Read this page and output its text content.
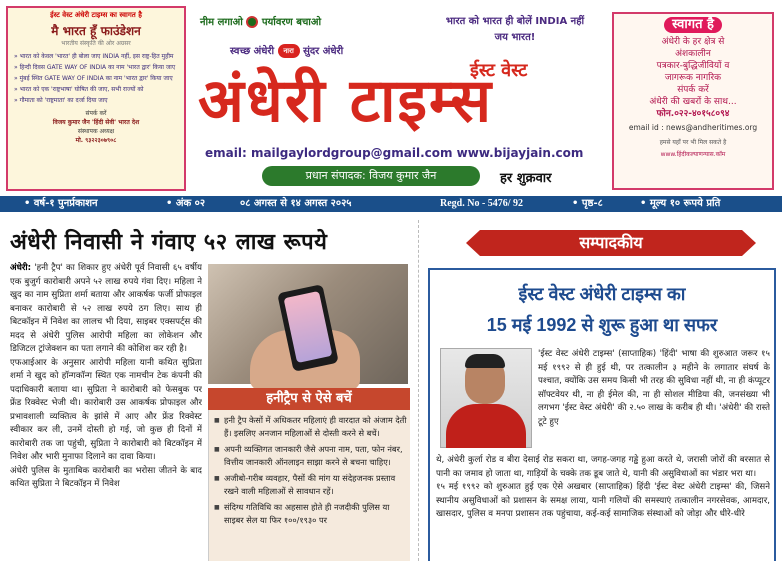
ईस्ट वेस्ट अंधेरी टाइम्स का स्वागत है
मै भारत हूँ फाउंडेशन
भारतीय संस्कृति की ओर अग्रसर
» भारत को केवल 'भारत' ही बोला जाए INDIA नहीं, इस राष्ट्र-हित मुहीम
» हिन्दी दिवस GATE WAY OF INDIA का नाम 'भारत द्वार' किया जाए
» मुंबई स्थित GATE WAY OF INDIA का नाम 'भारत द्वार' किया जाए
» भारत को एक 'राष्ट्रभाषा' घोषित की जाए, सभी राज्यों को
» गौमाता को 'राष्ट्रमाता' का दर्जा दिया जाए
संपर्क करें
विजय कुमार जैन 'हिंदी सेवी' भारत देश
संस्थापक अध्यक्ष
मो. ९३२२३०७९०८
नीम लगाओ पर्यावरण बचाओ	भारत को भारत ही बोलें INDIA नहीं
जय भारत!
स्वच्छ अंधेरी नारा सुंदर अंधेरी
ईस्ट वेस्ट
अंधेरी टाइम्स
email: mailgaylordgroup@gmail.com www.bijayjain.com
प्रधान संपादक: विजय कुमार जैन	हर शुक्रवार
स्वागत है
अंधेरी के हर क्षेत्र से
अंशकालीन
पत्रकार-बुद्धिजीवियों व
जागरूक नागरिक
संपर्क करें
अंधेरी की खबरों के साथ...
फोन.०२२-४०१५८०९४
email id : news@andheritimes.org
हमसे यहाँ पर भी मिल सकते है
www.हिंदीकल्याणन्यास.कॉम
• वर्ष-१ पुनर्प्रकाशन	• अंक ०२	०८ अगस्त से १४ अगस्त २०२५	Regd. No - 5476/ 92	• पृष्ठ-८	• मूल्य १० रूपये प्रति
अंधेरी निवासी ने गंवाए ५२ लाख रूपये

अंधेरी: 'हनी ट्रैप' का शिकार हुए अंधेरी पूर्व निवासी ६५ वर्षीय एक बुजुर्ग कारोबारी अपने ५२ लाख रुपये गंवा दिए। महिला ने खुद का नाम सुप्रिता शर्मा बताया और आकर्षक फर्जी प्रोफाइल बनाकर कारोबारी से ५२ लाख रुपये ठग लिए। साथ ही बिटकॉइन में निवेश का लालच भी दिया, साइबर एक्सपर्ट्स की मदद से अंधेरी पुलिस आरोपी महिला का लोकेशन और डिजिटल ट्रांजेक्शन का पता लगाने की कोशिश कर रही है।

एफआईआर के अनुसार आरोपी महिला यानी कथित सुप्रिता शर्मा ने खुद को हॉन्गकॉन्ग स्थित एक नामचीन टेक कंपनी की पदाधिकारी बताया था। सुप्रिता ने कारोबारी को फेसबुक पर फ्रेंड रिक्वेस्ट भेजी थी। कारोबारी उस आकर्षक प्रोफाइल और प्रभावशाली व्यक्तित्व के झांसे में आए और फ्रेंड रिक्वेस्ट स्वीकार कर ली, उनमें दोस्ती हो गई, जो कुछ ही दिनों में कारोबारी तक जा पहुंची, सुप्रिता ने कारोबारी को बिटकॉइन में निवेश और भारी मुनाफा दिलाने का दावा किया।

अंधेरी पुलिस के मुताबिक कारोबारी का भरोसा जीतने के बाद कथित सुप्रिता ने बिटकॉइन में निवेश

हनीट्रैप से ऐसे बचें
■ हनी ट्रैप केसों में अधिकतर महिलाएं ही वारदात को अंजाम देती हैं। इसलिए अनजान महिलाओं से दोस्ती करने से बचें।
■ अपनी व्यक्तिगत जानकारी जैसे अपना नाम, पता, फोन नंबर, वित्तीय जानकारी ऑनलाइन साझा करने से बचना चाहिए।
■ अजीबो-गरीब व्यवहार, पैसों की मांग या संदेहजनक प्रस्ताव रखने वाली महिलाओं से सावधान रहें।
■ संदिग्ध गतिविधि का अहसास होते ही नजदीकी पुलिस या साइबर सेल या फिर १००/१९३० पर
सम्पादकीय
ईस्ट वेस्ट अंधेरी टाइम्स का
15 मई 1992 से शुरू हुआ था सफर
'ईस्ट वेस्ट अंधेरी टाइम्स' (साप्ताहिक) 'हिंदी' भाषा की शुरुआत जरूर १५ मई १९९२ से ही हुई थी, पर तत्कालीन ३ महीने के लगातार संघर्ष के पश्चात, क्योंकि उस समय किसी भी तरह की सुविधा नहीं थी, ना ही कंप्यूटर सॉफ्टवेयर थी, ना ही ईमेल की, ना ही सोशल मीडिया की, जनसंख्या भी लगभग 'ईस्ट वेस्ट अंधेरी' की २.५० लाख के करीब ही थी। 'अंधेरी' की रास्ते टूटे हुए
थे, अंधेरी कुर्ला रोड व बीरा देसाई रोड सकरा था, जगह-जगह गड्ढे हुआ करते थे, जरासी जोरों की बरसात से पानी का जमाव हो जाता था, गाड़ियों के चक्के तक डूब जाते थे, यानी की असुविधाओं का भंडार भरा था।
१५ मई १९९२ को शुरुआत हुई एक ऐसे अखबार (साप्ताहिक) हिंदी 'ईस्ट वेस्ट अंधेरी टाइम्स' की, जिसने स्थानीय असुविधाओं को प्रशासन के समक्ष लाया, यानी गलियों की समस्याएं तत्कालीन नगरसेवक, आमदार, खासदार, पुलिस व मनपा प्रशासन तक पहुंचाया, कई-कई सामाजिक संस्थाओं को जोड़ा और धीरे-धीरे
